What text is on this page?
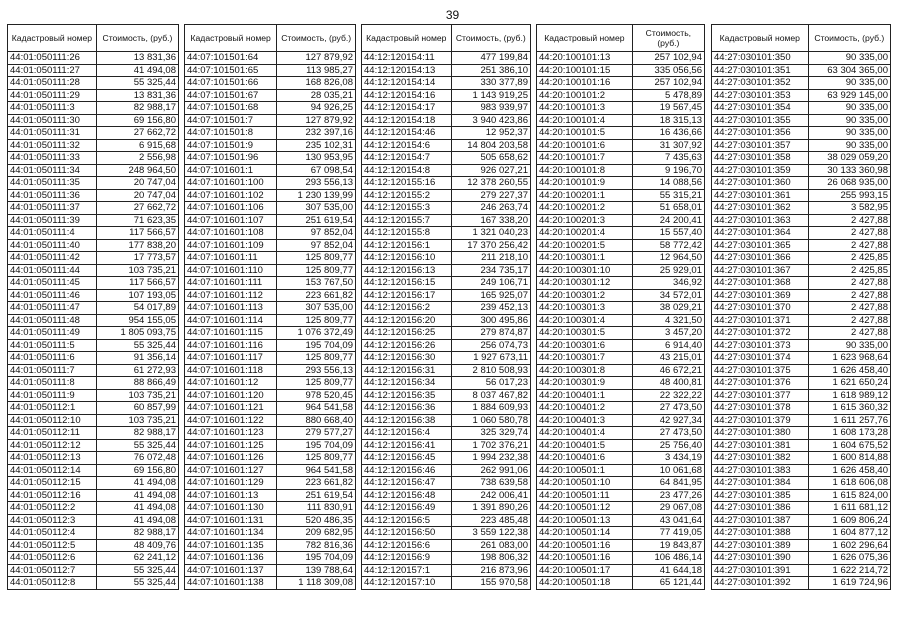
39
Кадастровый номер	Стоимость, (руб.)
44:01:050111:26	13 831,36
44:01:050111:27	41 494,08
44:01:050111:28	55 325,44
44:01:050111:29	13 831,36
44:01:050111:3	82 988,17
44:01:050111:30	69 156,80
44:01:050111:31	27 662,72
44:01:050111:32	6 915,68
44:01:050111:33	2 556,98
44:01:050111:34	248 964,50
44:01:050111:35	20 747,04
44:01:050111:36	20 747,04
44:01:050111:37	27 662,72
44:01:050111:39	71 623,35
44:01:050111:4	117 566,57
44:01:050111:40	177 838,20
44:01:050111:42	17 773,57
44:01:050111:44	103 735,21
44:01:050111:45	117 566,57
44:01:050111:46	107 193,05
44:01:050111:47	54 017,89
44:01:050111:48	954 155,05
44:01:050111:49	1 805 093,75
44:01:050111:5	55 325,44
44:01:050111:6	91 356,14
44:01:050111:7	61 272,93
44:01:050111:8	88 866,49
44:01:050111:9	103 735,21
44:01:050112:1	60 857,99
44:01:050112:10	103 735,21
44:01:050112:11	82 988,17
44:01:050112:12	55 325,44
44:01:050112:13	76 072,48
44:01:050112:14	69 156,80
44:01:050112:15	41 494,08
44:01:050112:16	41 494,08
44:01:050112:2	41 494,08
44:01:050112:3	41 494,08
44:01:050112:4	82 988,17
44:01:050112:5	48 409,76
44:01:050112:6	62 241,12
44:01:050112:7	55 325,44
44:01:050112:8	55 325,44
Кадастровый номер	Стоимость, (руб.)
44:07:101501:64	127 879,92
44:07:101501:65	113 985,27
44:07:101501:66	168 826,08
44:07:101501:67	28 035,21
44:07:101501:68	94 926,25
44:07:101501:7	127 879,92
44:07:101501:8	232 397,16
44:07:101501:9	235 102,31
44:07:101501:96	130 953,95
44:07:101601:1	67 098,54
44:07:101601:100	293 556,13
44:07:101601:102	1 230 139,99
44:07:101601:106	307 535,00
44:07:101601:107	251 619,54
44:07:101601:108	97 852,04
44:07:101601:109	97 852,04
44:07:101601:11	125 809,77
44:07:101601:110	125 809,77
44:07:101601:111	153 767,50
44:07:101601:112	223 661,82
44:07:101601:113	307 535,00
44:07:101601:114	125 809,77
44:07:101601:115	1 076 372,49
44:07:101601:116	195 704,09
44:07:101601:117	125 809,77
44:07:101601:118	293 556,13
44:07:101601:12	125 809,77
44:07:101601:120	978 520,45
44:07:101601:121	964 541,58
44:07:101601:122	880 668,40
44:07:101601:123	279 577,27
44:07:101601:125	195 704,09
44:07:101601:126	125 809,77
44:07:101601:127	964 541,58
44:07:101601:129	223 661,82
44:07:101601:13	251 619,54
44:07:101601:130	111 830,91
44:07:101601:131	520 486,35
44:07:101601:134	209 682,95
44:07:101601:135	782 816,36
44:07:101601:136	195 704,09
44:07:101601:137	139 788,64
44:07:101601:138	1 118 309,08
Кадастровый номер	Стоимость, (руб.)
44:12:120154:11	477 199,84
44:12:120154:13	251 386,10
44:12:120154:14	330 377,89
44:12:120154:16	1 143 919,25
44:12:120154:17	983 939,97
44:12:120154:18	3 940 423,86
44:12:120154:46	12 952,37
44:12:120154:6	14 804 203,58
44:12:120154:7	505 658,62
44:12:120154:8	926 027,21
44:12:120155:16	12 378 260,55
44:12:120155:2	279 227,37
44:12:120155:3	246 263,74
44:12:120155:7	167 338,20
44:12:120155:8	1 321 040,23
44:12:120156:1	17 370 256,42
44:12:120156:10	211 218,10
44:12:120156:13	234 735,17
44:12:120156:15	249 106,71
44:12:120156:17	165 925,07
44:12:120156:2	239 452,13
44:12:120156:20	300 495,86
44:12:120156:25	279 874,87
44:12:120156:26	256 074,73
44:12:120156:30	1 927 673,11
44:12:120156:31	2 810 508,93
44:12:120156:34	56 017,23
44:12:120156:35	8 037 467,82
44:12:120156:36	1 884 609,93
44:12:120156:38	1 060 580,78
44:12:120156:4	325 329,74
44:12:120156:41	1 702 376,21
44:12:120156:45	1 994 232,38
44:12:120156:46	262 991,06
44:12:120156:47	738 639,58
44:12:120156:48	242 006,41
44:12:120156:49	1 391 890,26
44:12:120156:5	223 485,48
44:12:120156:50	3 559 122,38
44:12:120156:6	261 083,00
44:12:120156:9	198 806,32
44:12:120157:1	216 873,96
44:12:120157:10	155 970,58
Кадастровый номер	Стоимость, (руб.)
44:20:100101:13	257 102,94
44:20:100101:15	335 056,56
44:20:100101:16	257 102,94
44:20:100101:2	5 478,89
44:20:100101:3	19 567,45
44:20:100101:4	18 315,13
44:20:100101:5	16 436,66
44:20:100101:6	31 307,92
44:20:100101:7	7 435,63
44:20:100101:8	9 196,70
44:20:100101:9	14 088,56
44:20:100201:1	55 315,21
44:20:100201:2	51 658,01
44:20:100201:3	24 200,41
44:20:100201:4	15 557,40
44:20:100201:5	58 772,42
44:20:100301:1	12 964,50
44:20:100301:10	25 929,01
44:20:100301:12	346,92
44:20:100301:2	34 572,01
44:20:100301:3	38 029,21
44:20:100301:4	4 321,50
44:20:100301:5	3 457,20
44:20:100301:6	6 914,40
44:20:100301:7	43 215,01
44:20:100301:8	46 672,21
44:20:100301:9	48 400,81
44:20:100401:1	22 322,22
44:20:100401:2	27 473,50
44:20:100401:3	42 927,34
44:20:100401:4	27 473,50
44:20:100401:5	25 756,40
44:20:100401:6	3 434,19
44:20:100501:1	10 061,68
44:20:100501:10	64 841,95
44:20:100501:11	23 477,26
44:20:100501:12	29 067,08
44:20:100501:13	43 041,64
44:20:100501:14	77 419,05
44:20:100501:16	19 843,87
44:20:100501:16	106 486,14
44:20:100501:17	41 644,18
44:20:100501:18	65 121,44
Кадастровый номер	Стоимость, (руб.)
44:27:030101:350	90 335,00
44:27:030101:351	63 304 365,00
44:27:030101:352	90 335,00
44:27:030101:353	63 929 145,00
44:27:030101:354	90 335,00
44:27:030101:355	90 335,00
44:27:030101:356	90 335,00
44:27:030101:357	90 335,00
44:27:030101:358	38 029 059,20
44:27:030101:359	30 133 360,98
44:27:030101:360	26 068 935,00
44:27:030101:361	255 993,15
44:27:030101:362	3 582,95
44:27:030101:363	2 427,88
44:27:030101:364	2 427,88
44:27:030101:365	2 427,88
44:27:030101:366	2 425,85
44:27:030101:367	2 425,85
44:27:030101:368	2 427,88
44:27:030101:369	2 427,88
44:27:030101:370	2 427,88
44:27:030101:371	2 427,88
44:27:030101:372	2 427,88
44:27:030101:373	90 335,00
44:27:030101:374	1 623 968,64
44:27:030101:375	1 626 458,40
44:27:030101:376	1 621 650,24
44:27:030101:377	1 618 989,12
44:27:030101:378	1 615 360,32
44:27:030101:379	1 611 257,76
44:27:030101:380	1 608 173,28
44:27:030101:381	1 604 675,52
44:27:030101:382	1 600 814,88
44:27:030101:383	1 626 458,40
44:27:030101:384	1 618 606,08
44:27:030101:385	1 615 824,00
44:27:030101:386	1 611 681,12
44:27:030101:387	1 609 806,24
44:27:030101:388	1 604 877,12
44:27:030101:389	1 602 296,64
44:27:030101:390	1 626 075,36
44:27:030101:391	1 622 214,72
44:27:030101:392	1 619 724,96
